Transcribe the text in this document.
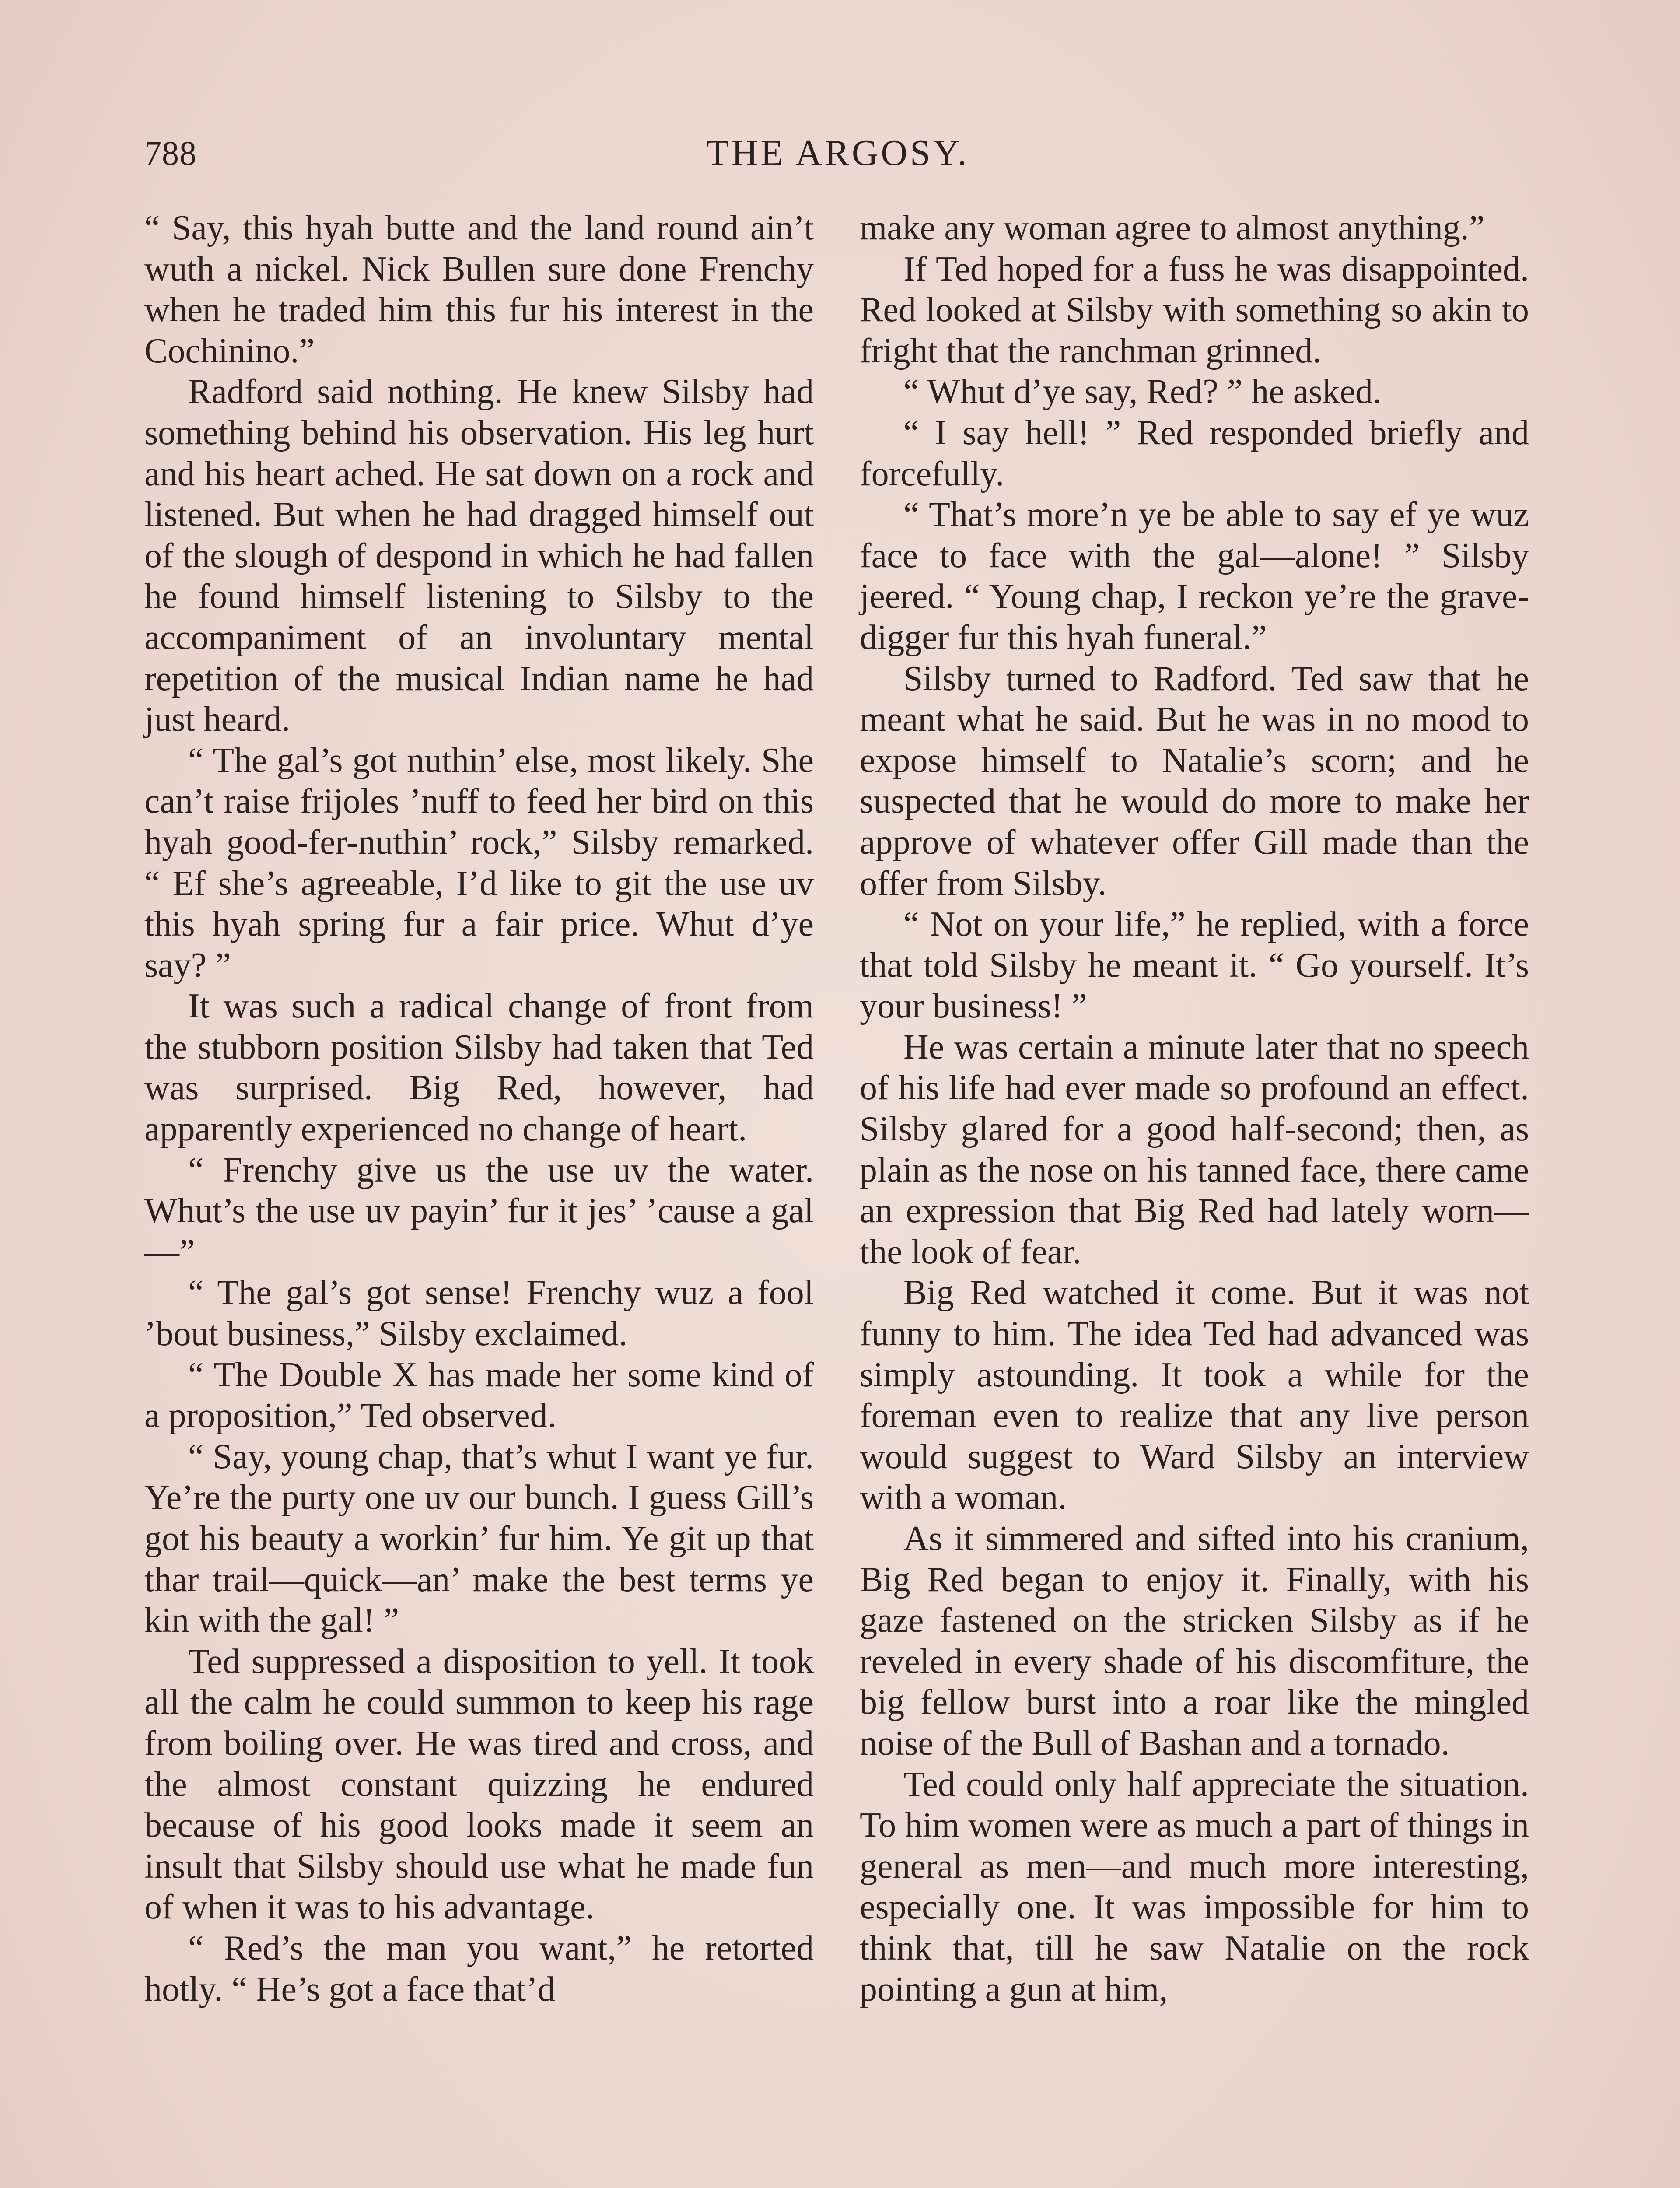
788	THE ARGOSY.

“ Say, this hyah butte and the land round ain’t wuth a nickel. Nick Bullen sure done Frenchy when he traded him this fur his interest in the Cochinino.”

Radford said nothing. He knew Silsby had something behind his observation. His leg hurt and his heart ached. He sat down on a rock and listened. But when he had dragged himself out of the slough of despond in which he had fallen he found himself listening to Silsby to the accompaniment of an involuntary mental repetition of the musical Indian name he had just heard.

“ The gal’s got nuthin’ else, most likely. She can’t raise frijoles ’nuff to feed her bird on this hyah good-fer-nuthin’ rock,” Silsby remarked. “ Ef she’s agreeable, I’d like to git the use uv this hyah spring fur a fair price. Whut d’ye say? ”

It was such a radical change of front from the stubborn position Silsby had taken that Ted was surprised. Big Red, however, had apparently experienced no change of heart.

“ Frenchy give us the use uv the water. Whut’s the use uv payin’ fur it jes’ ’cause a gal—”

“ The gal’s got sense! Frenchy wuz a fool ’bout business,” Silsby exclaimed.

“ The Double X has made her some kind of a proposition,” Ted observed.

“ Say, young chap, that’s whut I want ye fur. Ye’re the purty one uv our bunch. I guess Gill’s got his beauty a workin’ fur him. Ye git up that thar trail—quick—an’ make the best terms ye kin with the gal! ”

Ted suppressed a disposition to yell. It took all the calm he could summon to keep his rage from boiling over. He was tired and cross, and the almost constant quizzing he endured because of his good looks made it seem an insult that Silsby should use what he made fun of when it was to his advantage.

“ Red’s the man you want,” he retorted hotly. “ He’s got a face that’d

make any woman agree to almost anything.”

If Ted hoped for a fuss he was disappointed. Red looked at Silsby with something so akin to fright that the ranchman grinned.

“ Whut d’ye say, Red? ” he asked.

“ I say hell! ” Red responded briefly and forcefully.

“ That’s more’n ye be able to say ef ye wuz face to face with the gal—alone! ” Silsby jeered. “ Young chap, I reckon ye’re the grave-digger fur this hyah funeral.”

Silsby turned to Radford. Ted saw that he meant what he said. But he was in no mood to expose himself to Natalie’s scorn; and he suspected that he would do more to make her approve of whatever offer Gill made than the offer from Silsby.

“ Not on your life,” he replied, with a force that told Silsby he meant it. “ Go yourself. It’s your business! ”

He was certain a minute later that no speech of his life had ever made so profound an effect. Silsby glared for a good half-second; then, as plain as the nose on his tanned face, there came an expression that Big Red had lately worn—the look of fear.

Big Red watched it come. But it was not funny to him. The idea Ted had advanced was simply astounding. It took a while for the foreman even to realize that any live person would suggest to Ward Silsby an interview with a woman.

As it simmered and sifted into his cranium, Big Red began to enjoy it. Finally, with his gaze fastened on the stricken Silsby as if he reveled in every shade of his discomfiture, the big fellow burst into a roar like the mingled noise of the Bull of Bashan and a tornado.

Ted could only half appreciate the situation. To him women were as much a part of things in general as men—and much more interesting, especially one. It was impossible for him to think that, till he saw Natalie on the rock pointing a gun at him,
